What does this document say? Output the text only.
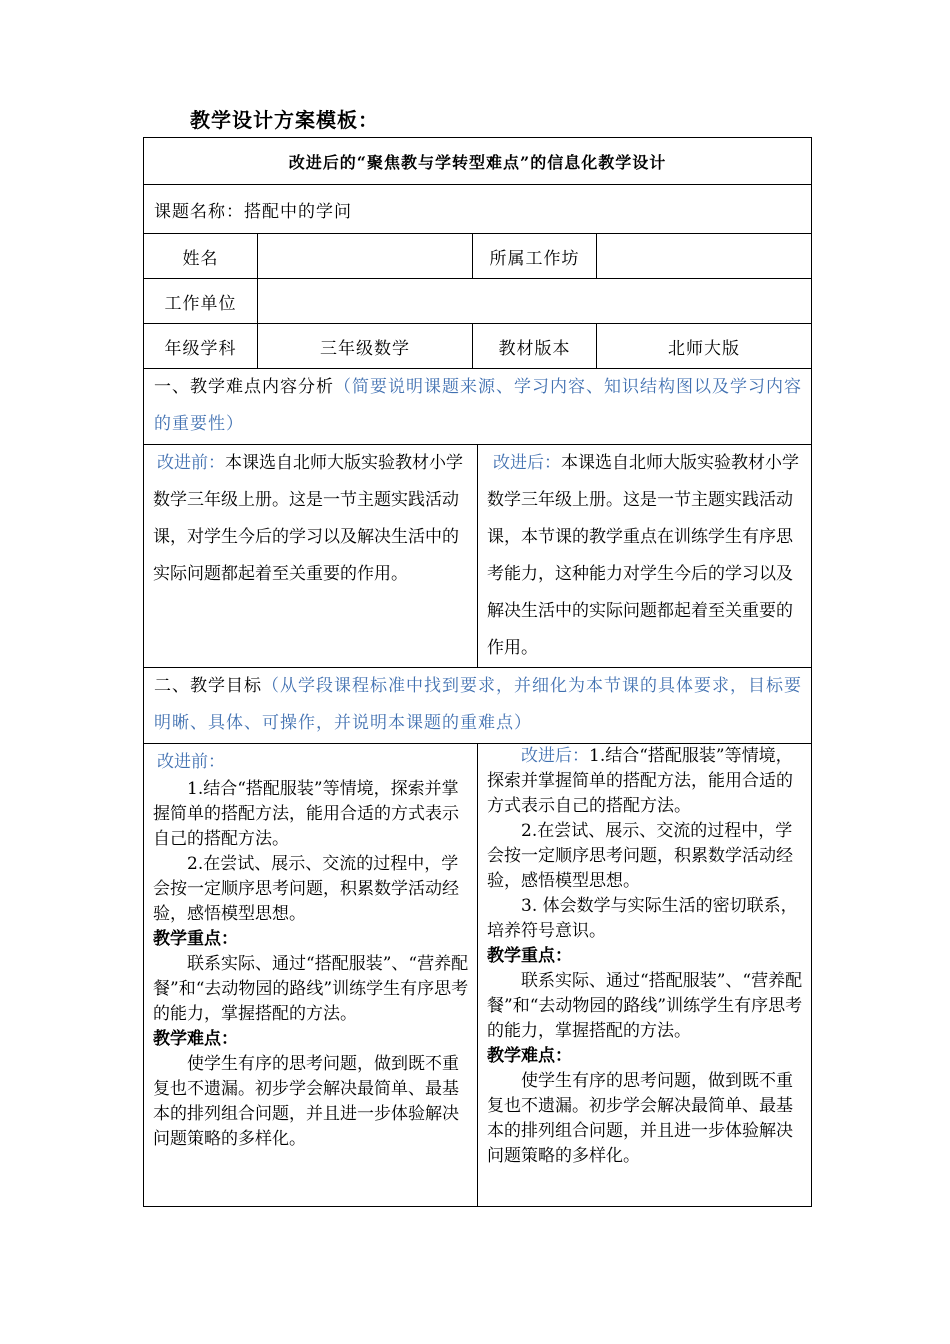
教学设计方案模板：
改进后的“聚焦教与学转型难点”的信息化教学设计
课题名称： 搭配中的学问
姓名	所属工作坊
工作单位
年级学科	三年级数学	教材版本	北师大版
一、教学难点内容分析（简要说明课题来源、学习内容、知识结构图以及学习内容的重要性）
改进前：本课选自北师大版实验教材小学数学三年级上册。这是一节主题实践活动课，对学生今后的学习以及解决生活中的实际问题都起着至关重要的作用。
改进后：本课选自北师大版实验教材小学数学三年级上册。这是一节主题实践活动课，本节课的教学重点在训练学生有序思考能力，这种能力对学生今后的学习以及解决生活中的实际问题都起着至关重要的作用。
二、教学目标（从学段课程标准中找到要求，并细化为本节课的具体要求，目标要明晰、具体、可操作，并说明本课题的重难点）
改进前：
1.结合“搭配服装”等情境，探索并掌握简单的搭配方法，能用合适的方式表示自己的搭配方法。
2.在尝试、展示、交流的过程中，学会按一定顺序思考问题，积累数学活动经验，感悟模型思想。
教学重点：
联系实际、通过“搭配服装”、“营养配餐”和“去动物园的路线”训练学生有序思考的能力，掌握搭配的方法。
教学难点：
使学生有序的思考问题，做到既不重复也不遗漏。初步学会解决最简单、最基本的排列组合问题，并且进一步体验解决问题策略的多样化。
改进后：1.结合“搭配服装”等情境，探索并掌握简单的搭配方法，能用合适的方式表示自己的搭配方法。
2.在尝试、展示、交流的过程中，学会按一定顺序思考问题，积累数学活动经验，感悟模型思想。
3. 体会数学与实际生活的密切联系，培养符号意识。
教学重点：
联系实际、通过“搭配服装”、“营养配餐”和“去动物园的路线”训练学生有序思考的能力，掌握搭配的方法。
教学难点：
使学生有序的思考问题，做到既不重复也不遗漏。初步学会解决最简单、最基本的排列组合问题，并且进一步体验解决问题策略的多样化。
